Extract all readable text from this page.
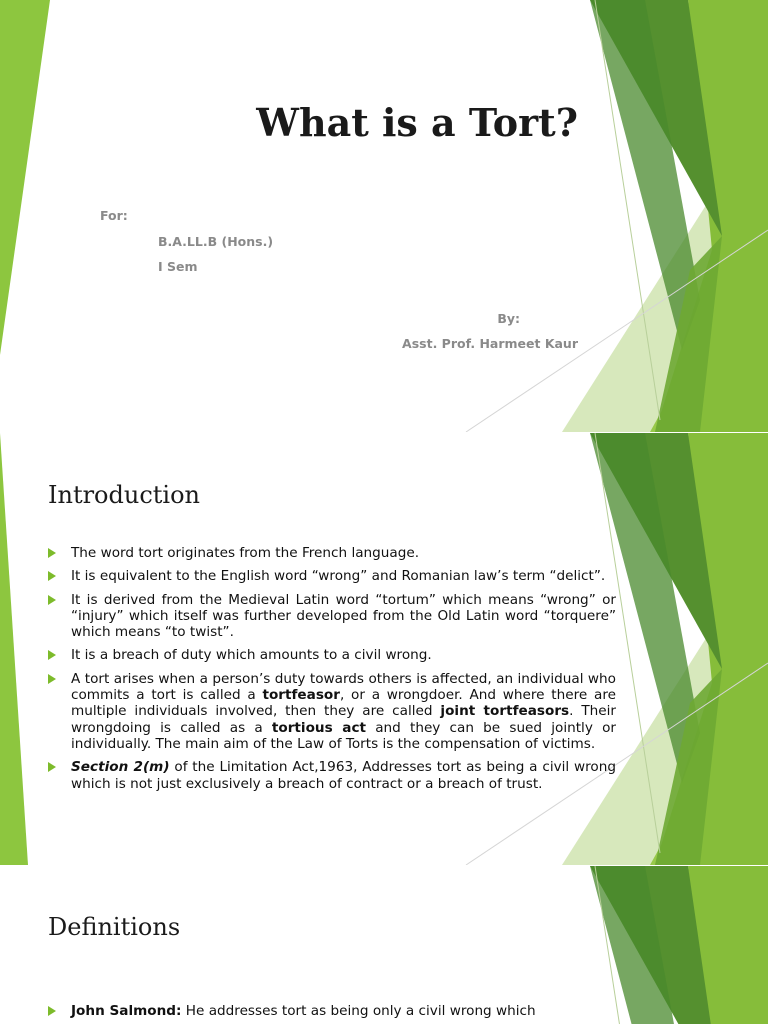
What is a Tort?
For:
B.A.LL.B (Hons.)
I Sem
By:
Asst. Prof. Harmeet Kaur
Introduction
The word tort originates from the French language.
It is equivalent to the English word “wrong” and Romanian law’s term “delict”.
It is derived from the Medieval Latin word “tortum” which means “wrong” or “injury” which itself was further developed from the Old Latin word “torquere” which means “to twist”.
It is a breach of duty which amounts to a civil wrong.
A tort arises when a person’s duty towards others is affected, an individual who commits a tort is called a tortfeasor, or a wrongdoer. And where there are multiple individuals involved, then they are called joint tortfeasors. Their wrongdoing is called as a tortious act and they can be sued jointly or individually. The main aim of the Law of Torts is the compensation of victims.
Section 2(m) of the Limitation Act,1963, Addresses tort as being a civil wrong which is not just exclusively a breach of contract or a breach of trust.
Definitions
John Salmond: He addresses tort as being only a civil wrong which
